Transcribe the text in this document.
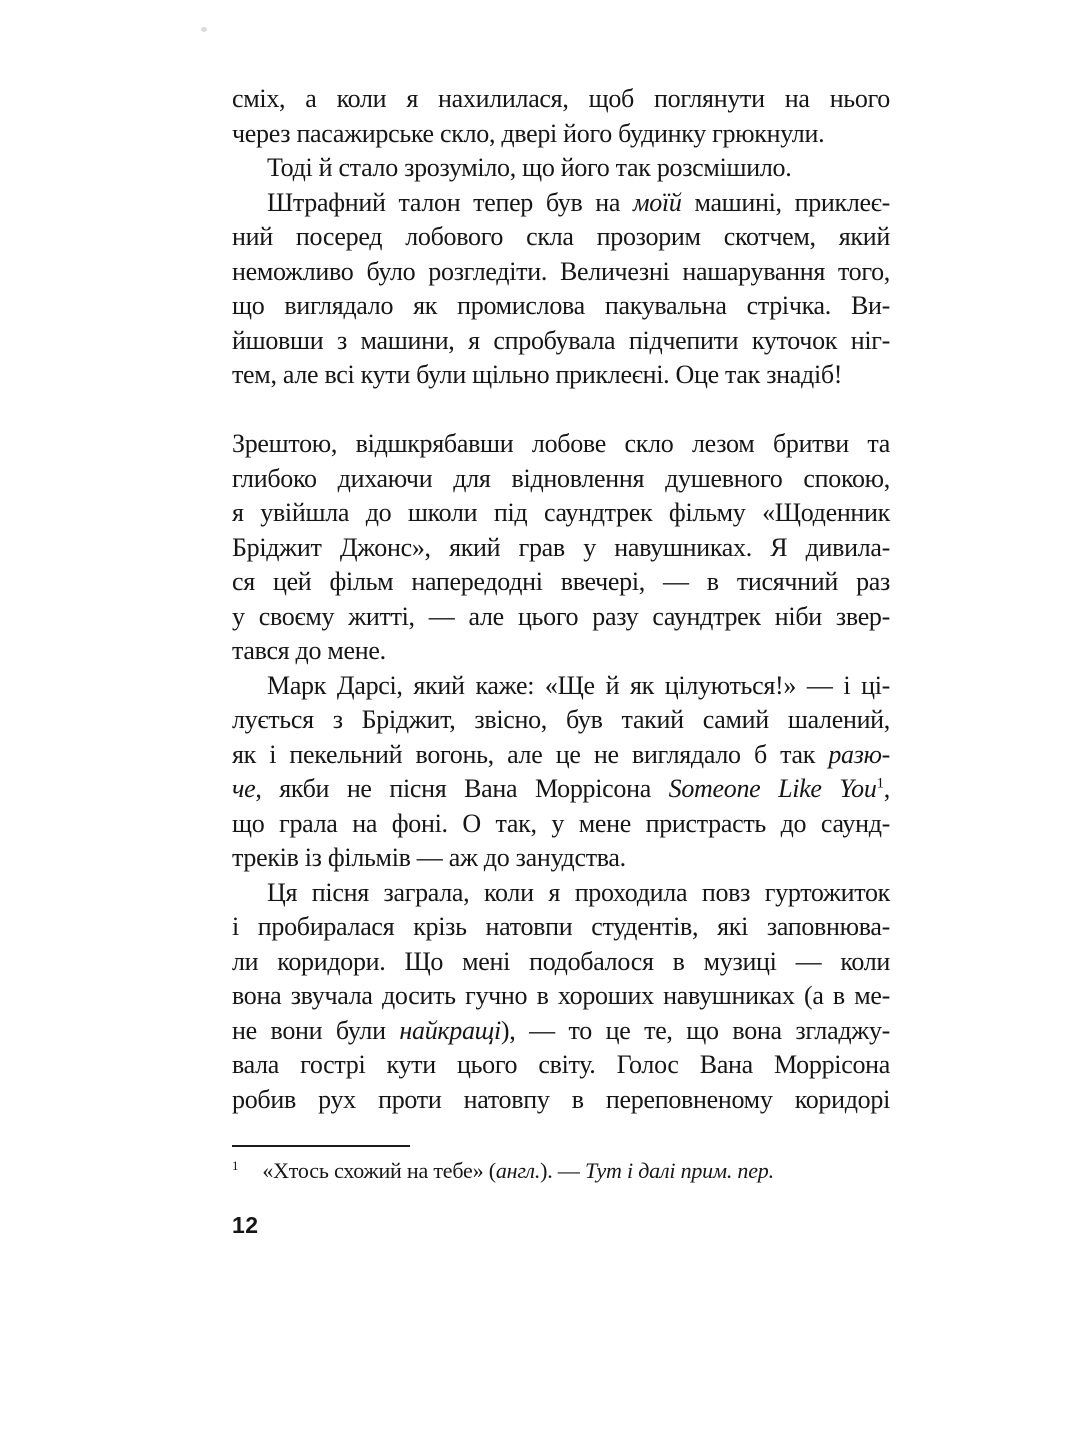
сміх, а коли я нахилилася, щоб поглянути на нього
через пасажирське скло, двері його будинку грюкнули.
Тоді й стало зрозуміло, що його так розсмішило.
Штрафний талон тепер був на моїй машині, приклеє-
ний посеред лобового скла прозорим скотчем, який
неможливо було розгледіти. Величезні нашарування того,
що виглядало як промислова пакувальна стрічка. Ви-
йшовши з машини, я спробувала підчепити куточок ніг-
тем, але всі кути були щільно приклеєні. Оце так знадіб!
Зрештою, відшкрябавши лобове скло лезом бритви та
глибоко дихаючи для відновлення душевного спокою,
я увійшла до школи під саундтрек фільму «Щоденник
Бріджит Джонс», який грав у навушниках. Я дивила-
ся цей фільм напередодні ввечері, — в тисячний раз
у своєму житті, — але цього разу саундтрек ніби звер-
тався до мене.
Марк Дарсі, який каже: «Ще й як цілуються!» — і ці-
лується з Бріджит, звісно, був такий самий шалений,
як і пекельний вогонь, але це не виглядало б так разю-
че, якби не пісня Вана Моррісона Someone Like You$^1$,
що грала на фоні. О так, у мене пристрасть до саунд-
треків із фільмів — аж до занудства.
Ця пісня заграла, коли я проходила повз гуртожиток
і пробиралася крізь натовпи студентів, які заповнюва-
ли коридори. Що мені подобалося в музиці — коли
вона звучала досить гучно в хороших навушниках (а в ме-
не вони були найкращі), — то це те, що вона згладжу-
вала гострі кути цього світу. Голос Вана Моррісона
робив рух проти натовпу в переповненому коридорі
$^1$ «Хтось схожий на тебе» (англ.). — Тут і далі прим. пер.
12
